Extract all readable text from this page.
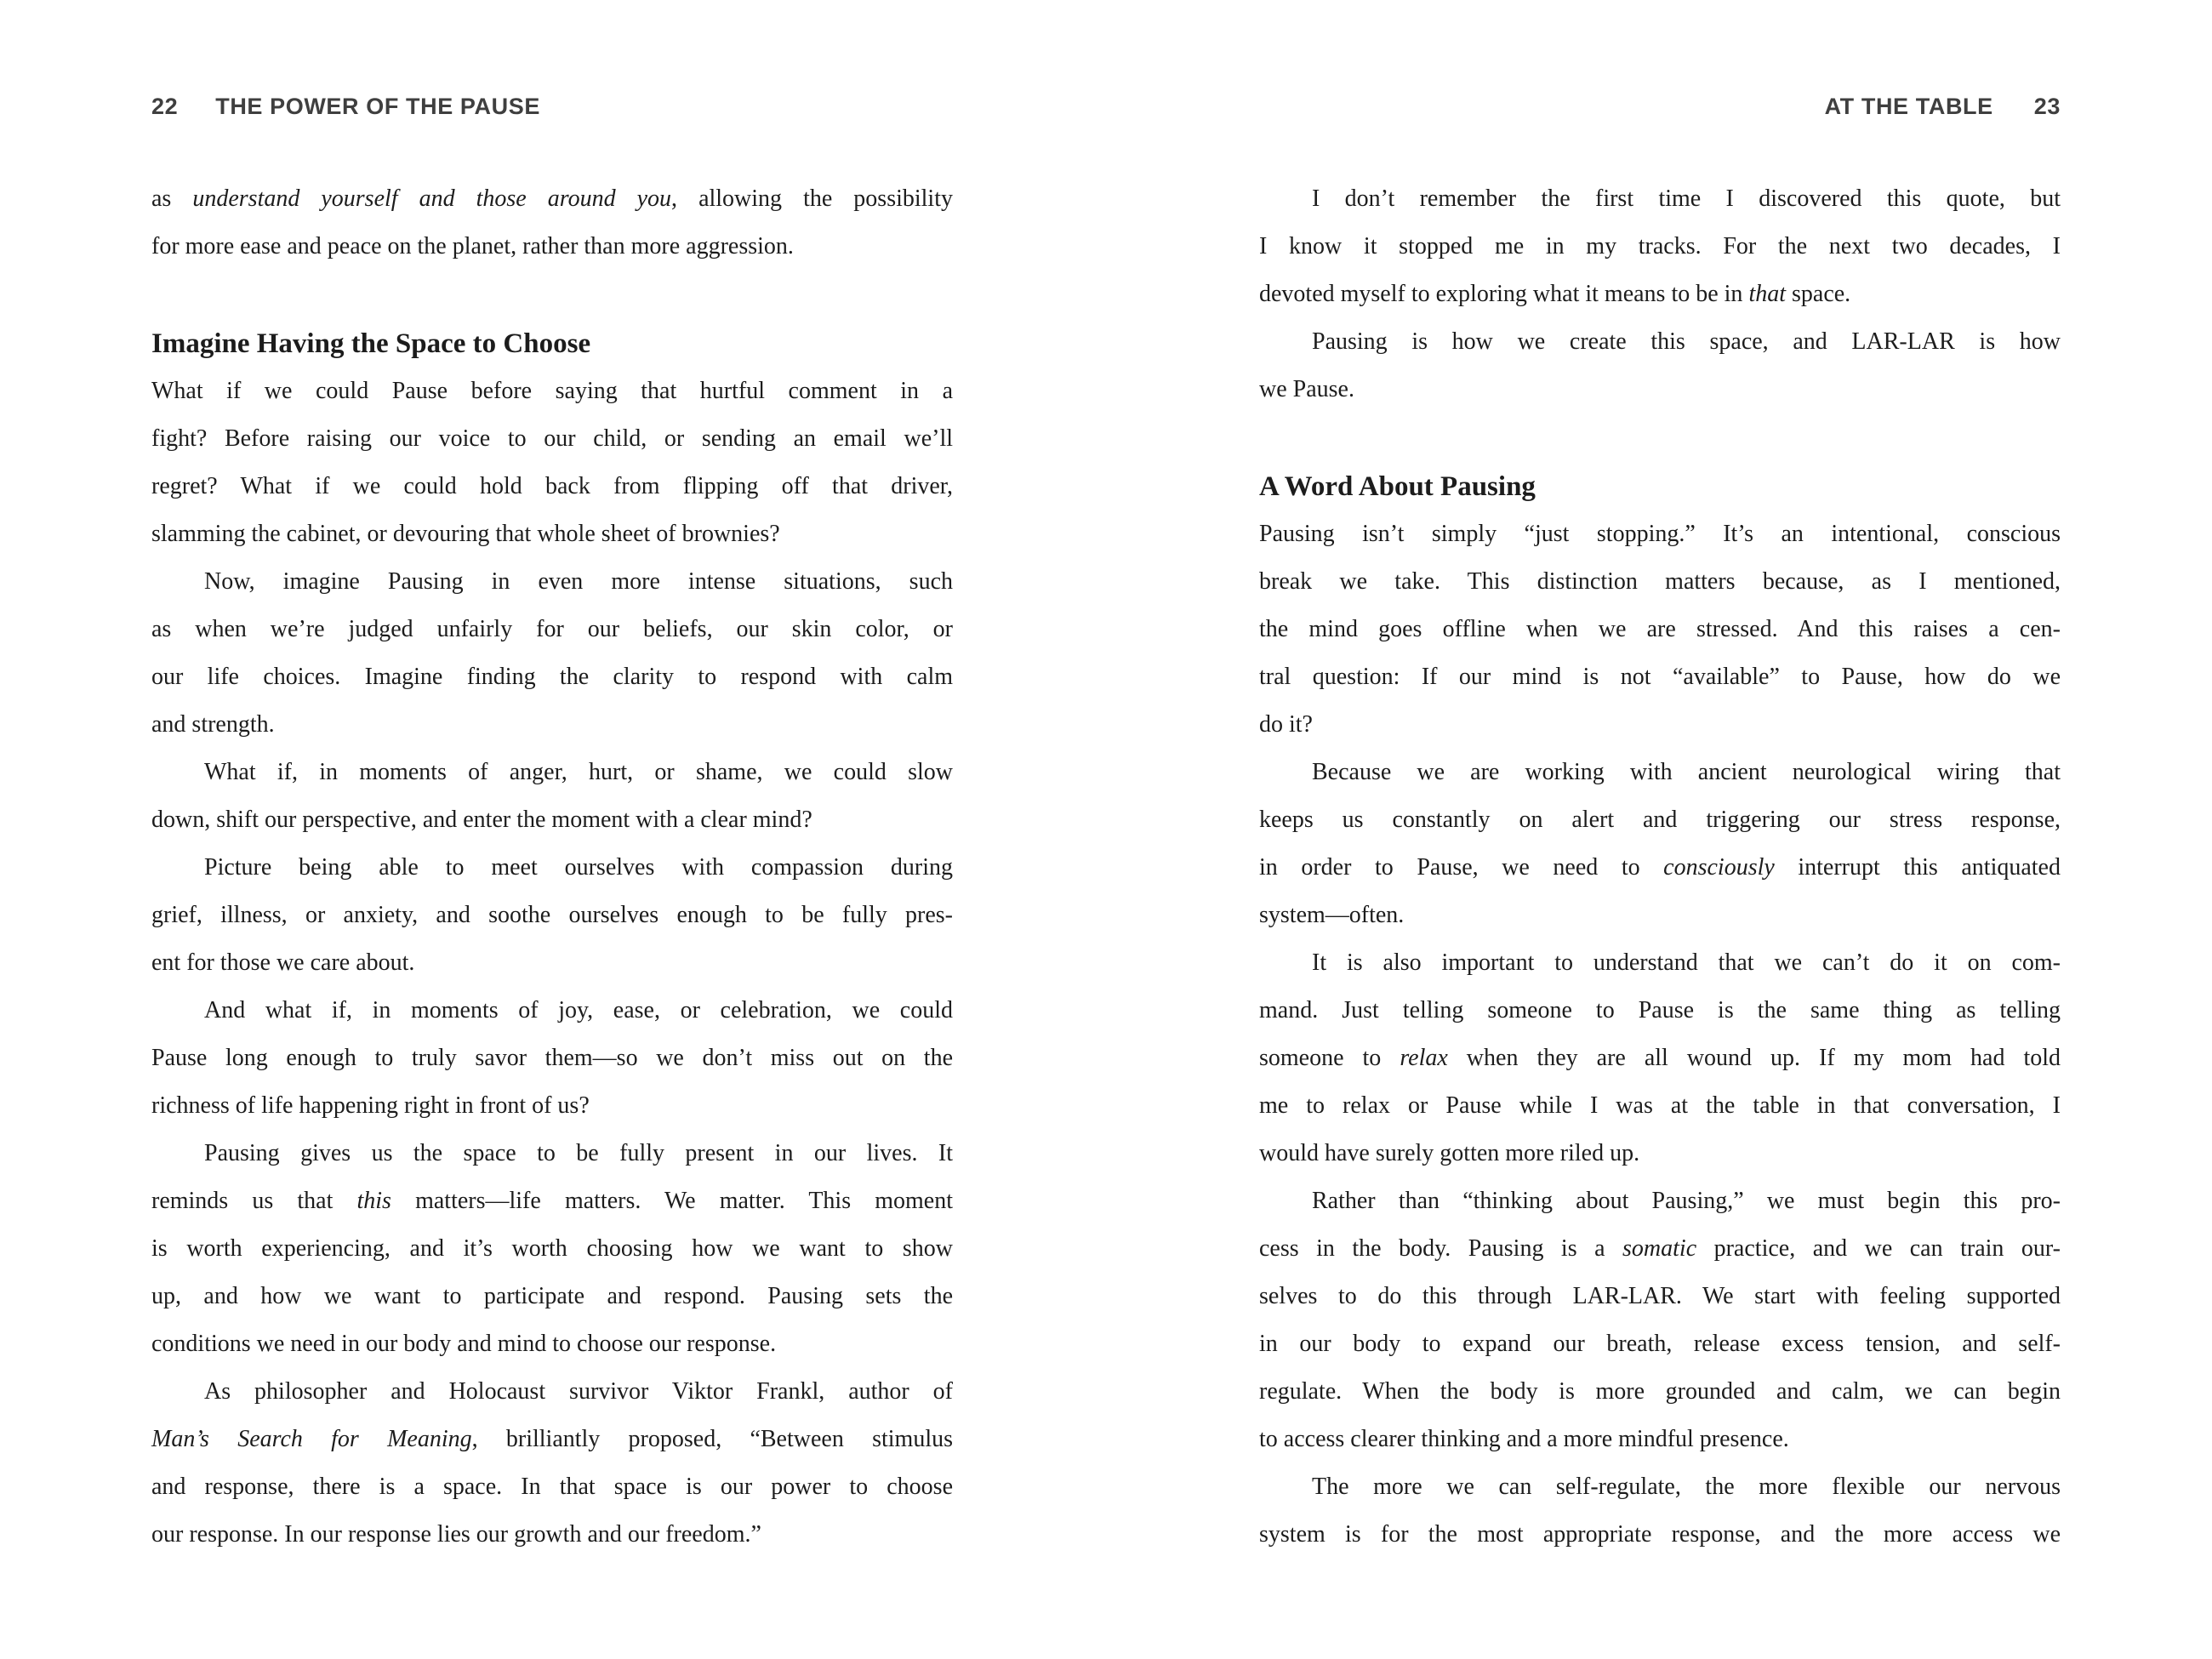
22 THE POWER OF THE PAUSE
as understand yourself and those around you, allowing the possibility
for more ease and peace on the planet, rather than more aggression.
Imagine Having the Space to Choose
What if we could Pause before saying that hurtful comment in a
fight? Before raising our voice to our child, or sending an email we’ll
regret? What if we could hold back from flipping off that driver,
slamming the cabinet, or devouring that whole sheet of brownies?
Now, imagine Pausing in even more intense situations, such
as when we’re judged unfairly for our beliefs, our skin color, or
our life choices. Imagine finding the clarity to respond with calm
and strength.
What if, in moments of anger, hurt, or shame, we could slow
down, shift our perspective, and enter the moment with a clear mind?
Picture being able to meet ourselves with compassion during
grief, illness, or anxiety, and soothe ourselves enough to be fully pres-
ent for those we care about.
And what if, in moments of joy, ease, or celebration, we could
Pause long enough to truly savor them—so we don’t miss out on the
richness of life happening right in front of us?
Pausing gives us the space to be fully present in our lives. It
reminds us that this matters—life matters. We matter. This moment
is worth experiencing, and it’s worth choosing how we want to show
up, and how we want to participate and respond. Pausing sets the
conditions we need in our body and mind to choose our response.
As philosopher and Holocaust survivor Viktor Frankl, author of
Man’s Search for Meaning, brilliantly proposed, “Between stimulus
and response, there is a space. In that space is our power to choose
our response. In our response lies our growth and our freedom.”
AT THE TABLE 23
I don’t remember the first time I discovered this quote, but
I know it stopped me in my tracks. For the next two decades, I
devoted myself to exploring what it means to be in that space.
Pausing is how we create this space, and LAR-LAR is how
we Pause.
A Word About Pausing
Pausing isn’t simply “just stopping.” It’s an intentional, conscious
break we take. This distinction matters because, as I mentioned,
the mind goes offline when we are stressed. And this raises a cen-
tral question: If our mind is not “available” to Pause, how do we
do it?
Because we are working with ancient neurological wiring that
keeps us constantly on alert and triggering our stress response,
in order to Pause, we need to consciously interrupt this antiquated
system—often.
It is also important to understand that we can’t do it on com-
mand. Just telling someone to Pause is the same thing as telling
someone to relax when they are all wound up. If my mom had told
me to relax or Pause while I was at the table in that conversation, I
would have surely gotten more riled up.
Rather than “thinking about Pausing,” we must begin this pro-
cess in the body. Pausing is a somatic practice, and we can train our-
selves to do this through LAR-LAR. We start with feeling supported
in our body to expand our breath, release excess tension, and self-
regulate. When the body is more grounded and calm, we can begin
to access clearer thinking and a more mindful presence.
The more we can self-regulate, the more flexible our nervous
system is for the most appropriate response, and the more access we
